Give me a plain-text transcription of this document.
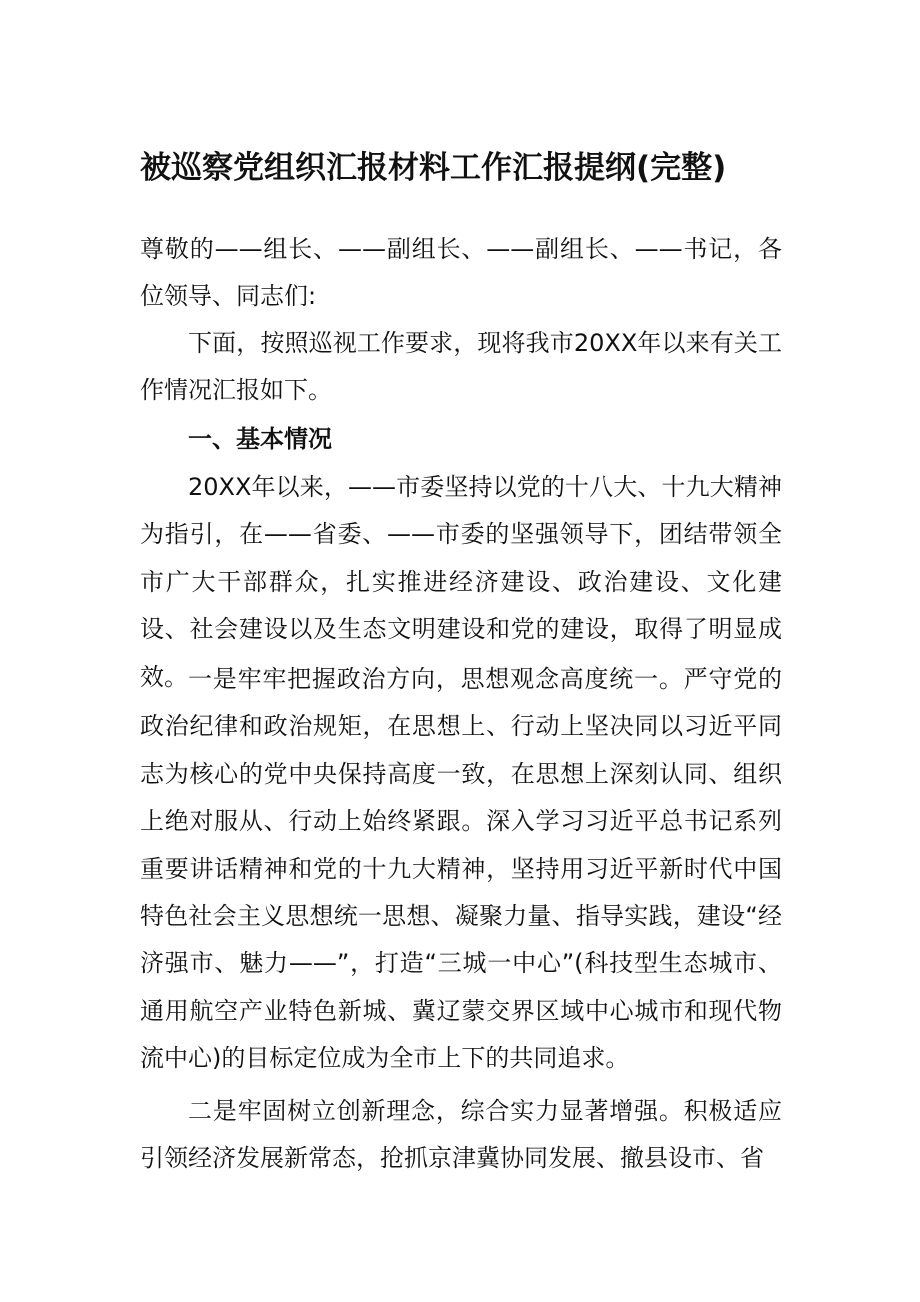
被巡察党组织汇报材料工作汇报提纲(完整)

尊敬的——组长、——副组长、——副组长、——书记，各位领导、同志们:

下面，按照巡视工作要求，现将我市20XX年以来有关工作情况汇报如下。

一、基本情况

20XX年以来，——市委坚持以党的十八大、十九大精神为指引，在——省委、——市委的坚强领导下，团结带领全市广大干部群众，扎实推进经济建设、政治建设、文化建设、社会建设以及生态文明建设和党的建设，取得了明显成效。 一是牢牢把握政治方向，思想观念高度统一。严守党的政治纪律和政治规矩，在思想上、行动上坚决同以习近平同志为核心的党中央保持高度一致，在思想上深刻认同、组织上绝对服从、行动上始终紧跟。深入学习习近平总书记系列重要讲话精神和党的十九大精神，坚持用习近平新时代中国特色社会主义思想统一思想、凝聚力量、指导实践，建设“经济强市、魅力——”，打造“三城一中心”(科技型生态城市、通用航空产业特色新城、冀辽蒙交界区域中心城市和现代物流中心)的目标定位成为全市上下的共同追求。

二是牢固树立创新理念，综合实力显著增强。积极适应引领经济发展新常态，抢抓京津冀协同发展、撤县设市、省
